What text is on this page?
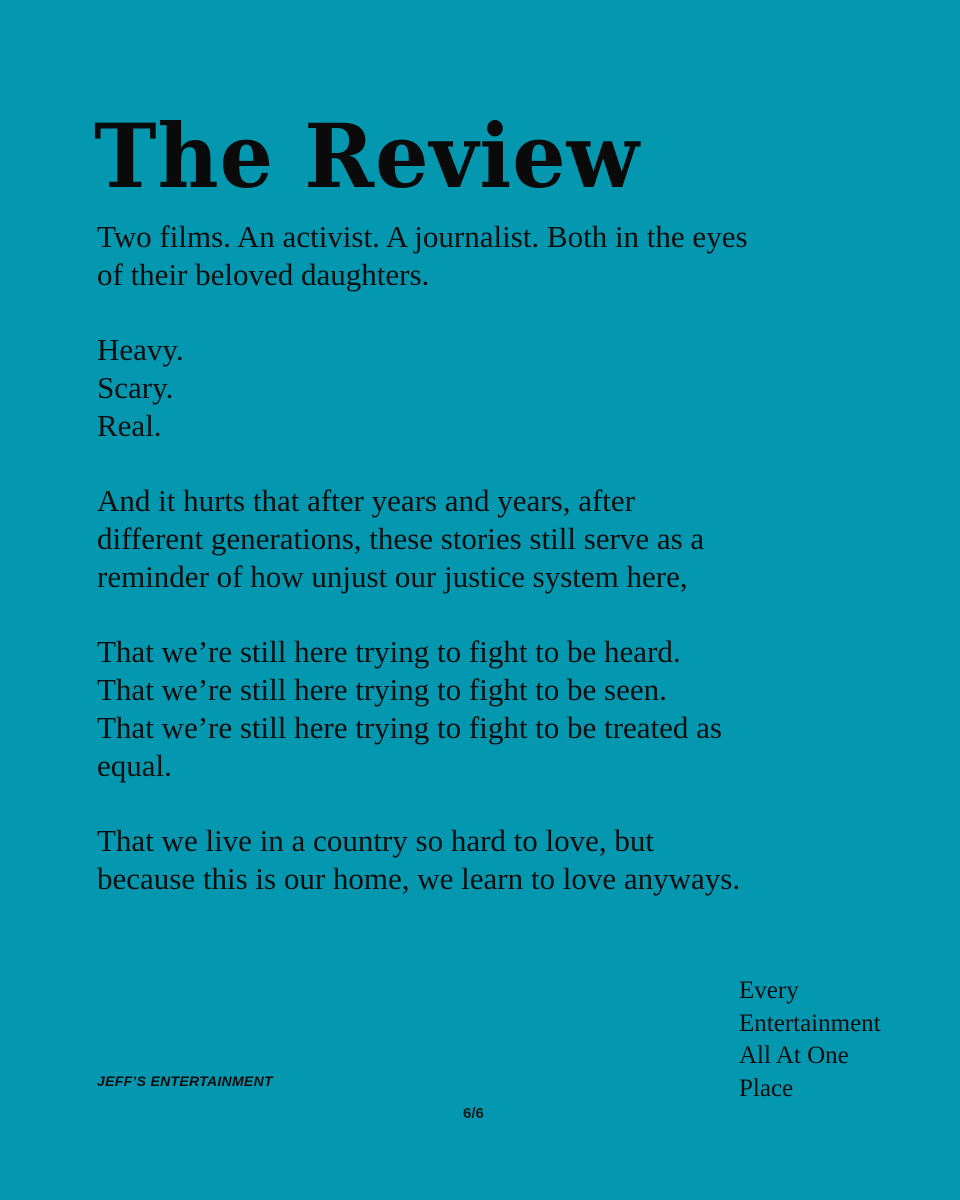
The Review

Two films. An activist. A journalist. Both in the eyes
of their beloved daughters.

Heavy.
Scary.
Real.

And it hurts that after years and years, after
different generations, these stories still serve as a
reminder of how unjust our justice system here,

That we’re still here trying to fight to be heard.
That we’re still here trying to fight to be seen.
That we’re still here trying to fight to be treated as
equal.

That we live in a country so hard to love, but
because this is our home, we learn to love anyways.

Every
Entertainment
All At One
Place
JEFF’S ENTERTAINMENT
6/6
